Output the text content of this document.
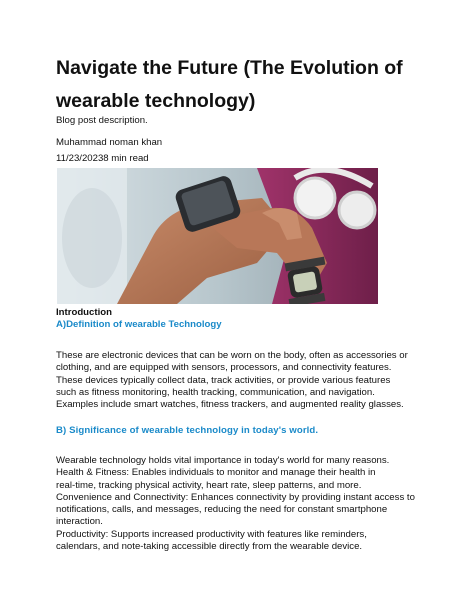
Navigate the Future (The Evolution of
wearable technology)
Blog post description.
Muhammad noman khan
11/23/20238 min read
Introduction
A)Definition of wearable Technology

These are electronic devices that can be worn on the body, often as accessories or

clothing, and are equipped with sensors, processors, and connectivity features.

These devices typically collect data, track activities, or provide various features

such as fitness monitoring, health tracking, communication, and navigation.

Examples include smart watches, fitness trackers, and augmented reality glasses.

B) Significance of wearable technology in today's world.

Wearable technology holds vital importance in today's world for many reasons.

Health & Fitness: Enables individuals to monitor and manage their health in

real-time, tracking physical activity, heart rate, sleep patterns, and more.

Convenience and Connectivity: Enhances connectivity by providing instant access to

notifications, calls, and messages, reducing the need for constant smartphone

interaction.

Productivity: Supports increased productivity with features like reminders,

calendars, and note-taking accessible directly from the wearable device.
